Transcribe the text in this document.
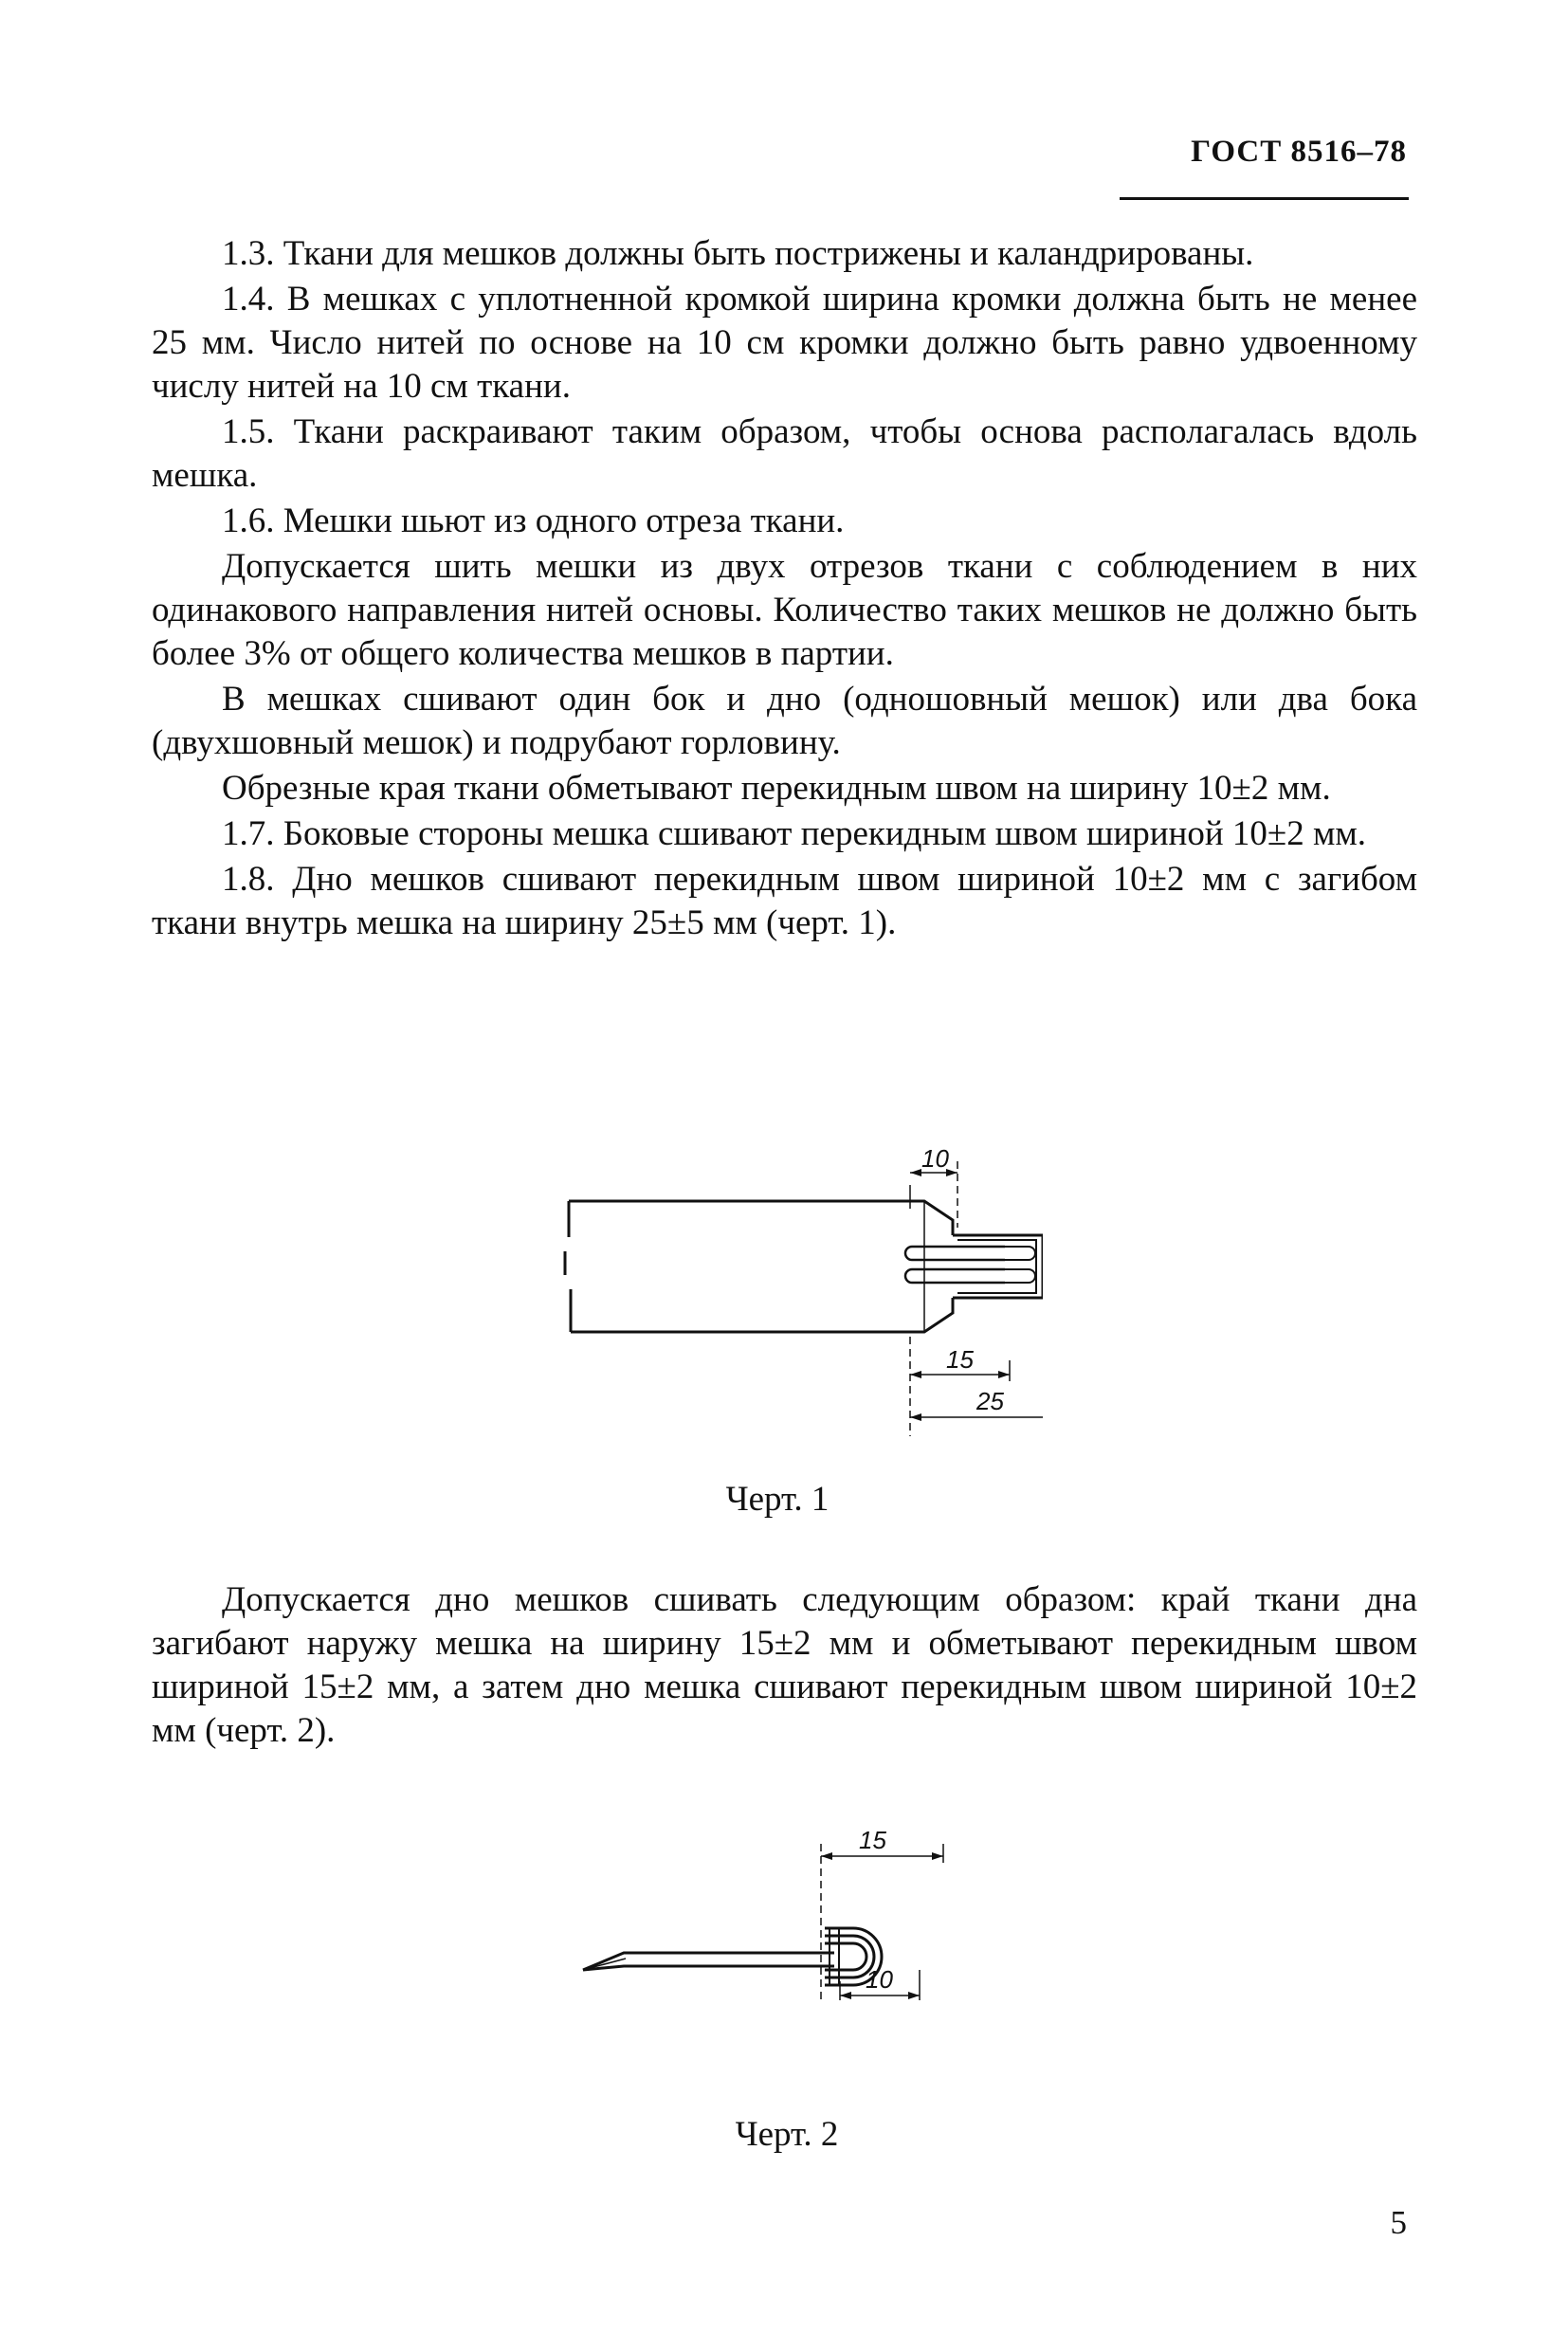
ГОСТ 8516–78

1.3. Ткани для мешков должны быть пострижены и каландрированы.

1.4. В мешках с уплотненной кромкой ширина кромки должна быть не менее 25 мм. Число нитей по основе на 10 см кромки должно быть равно удвоенному числу нитей на 10 см ткани.

1.5. Ткани раскраивают таким образом, чтобы основа располагалась вдоль мешка.

1.6. Мешки шьют из одного отреза ткани.

Допускается шить мешки из двух отрезов ткани с соблюдением в них одинакового направления нитей основы. Количество таких мешков не должно быть более 3% от общего количества мешков в партии.

В мешках сшивают один бок и дно (одношовный мешок) или два бока (двухшовный мешок) и подрубают горловину.

Обрезные края ткани обметывают перекидным швом на ширину 10±2 мм.

1.7. Боковые стороны мешка сшивают перекидным швом шириной 10±2 мм.

1.8. Дно мешков сшивают перекидным швом шириной 10±2 мм с загибом ткани внутрь мешка на ширину 25±5 мм (черт. 1).

10
15
25
Черт. 1

Допускается дно мешков сшивать следующим образом: край ткани дна загибают наружу мешка на ширину 15±2 мм и обметывают перекидным швом шириной 15±2 мм, а затем дно мешка сшивают перекидным швом шириной 10±2 мм (черт. 2).

15
10
Черт. 2
5
